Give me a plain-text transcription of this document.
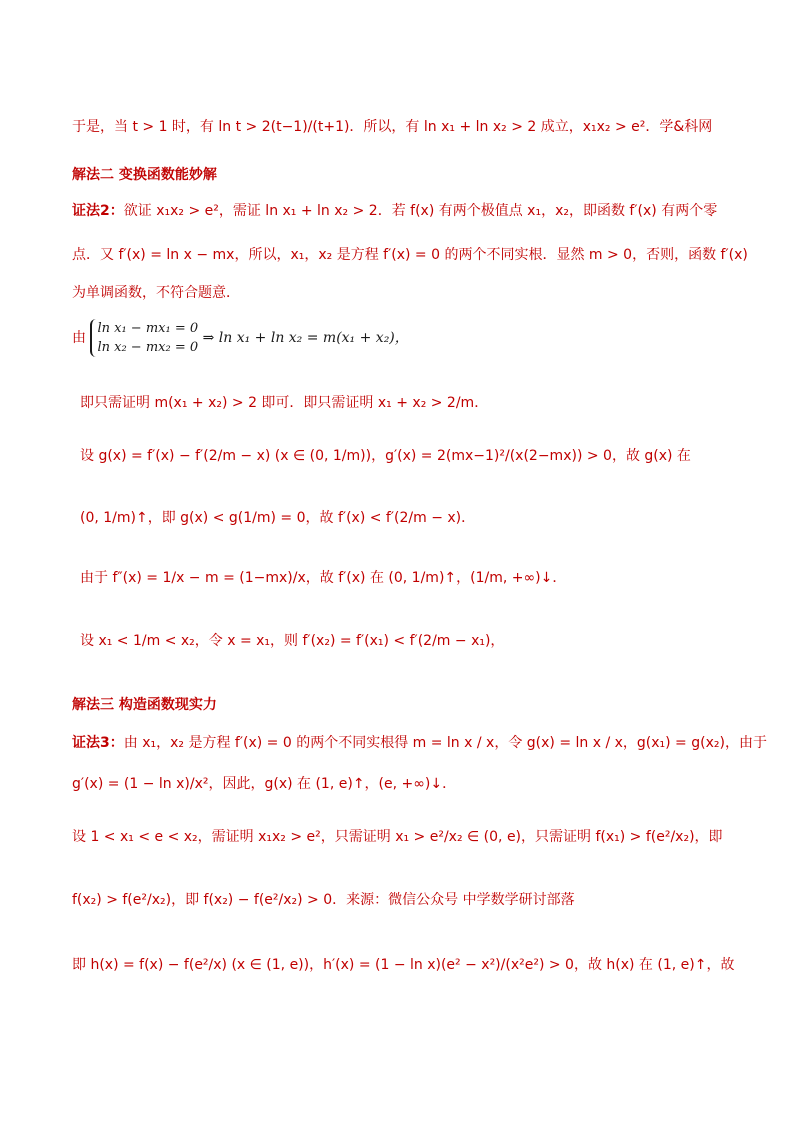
于是，当 t > 1 时，有 ln t > 2(t−1)/(t+1)．所以，有 ln x₁ + ln x₂ > 2 成立，x₁x₂ > e²．学&科网
解法二 变换函数能妙解
证法2：欲证 x₁x₂ > e²，需证 ln x₁ + ln x₂ > 2．若 f(x) 有两个极值点 x₁，x₂，即函数 f′(x) 有两个零
点．又 f′(x) = ln x − mx，所以，x₁，x₂ 是方程 f′(x) = 0 的两个不同实根．显然 m > 0，否则，函数 f′(x)
为单调函数，不符合题意．
由
ln x₁ − mx₁ = 0
ln x₂ − mx₂ = 0
⇒ ln x₁ + ln x₂ = m(x₁ + x₂)，
即只需证明 m(x₁ + x₂) > 2 即可．即只需证明 x₁ + x₂ > 2/m．
设 g(x) = f′(x) − f′(2/m − x) (x ∈ (0, 1/m))，g′(x) = 2(mx−1)²/(x(2−mx)) > 0，故 g(x) 在
(0, 1/m)↑，即 g(x) < g(1/m) = 0，故 f′(x) < f′(2/m − x)．
由于 f″(x) = 1/x − m = (1−mx)/x，故 f′(x) 在 (0, 1/m)↑，(1/m, +∞)↓．
设 x₁ < 1/m < x₂，令 x = x₁，则 f′(x₂) = f′(x₁) < f′(2/m − x₁)，
解法三 构造函数现实力
证法3：由 x₁，x₂ 是方程 f′(x) = 0 的两个不同实根得 m = ln x / x，令 g(x) = ln x / x，g(x₁) = g(x₂)，由于
g′(x) = (1 − ln x)/x²，因此，g(x) 在 (1, e)↑，(e, +∞)↓．
设 1 < x₁ < e < x₂，需证明 x₁x₂ > e²，只需证明 x₁ > e²/x₂ ∈ (0, e)，只需证明 f(x₁) > f(e²/x₂)，即
f(x₂) > f(e²/x₂)，即 f(x₂) − f(e²/x₂) > 0．来源：微信公众号 中学数学研讨部落
即 h(x) = f(x) − f(e²/x) (x ∈ (1, e))，h′(x) = (1 − ln x)(e² − x²)/(x²e²) > 0，故 h(x) 在 (1, e)↑，故
